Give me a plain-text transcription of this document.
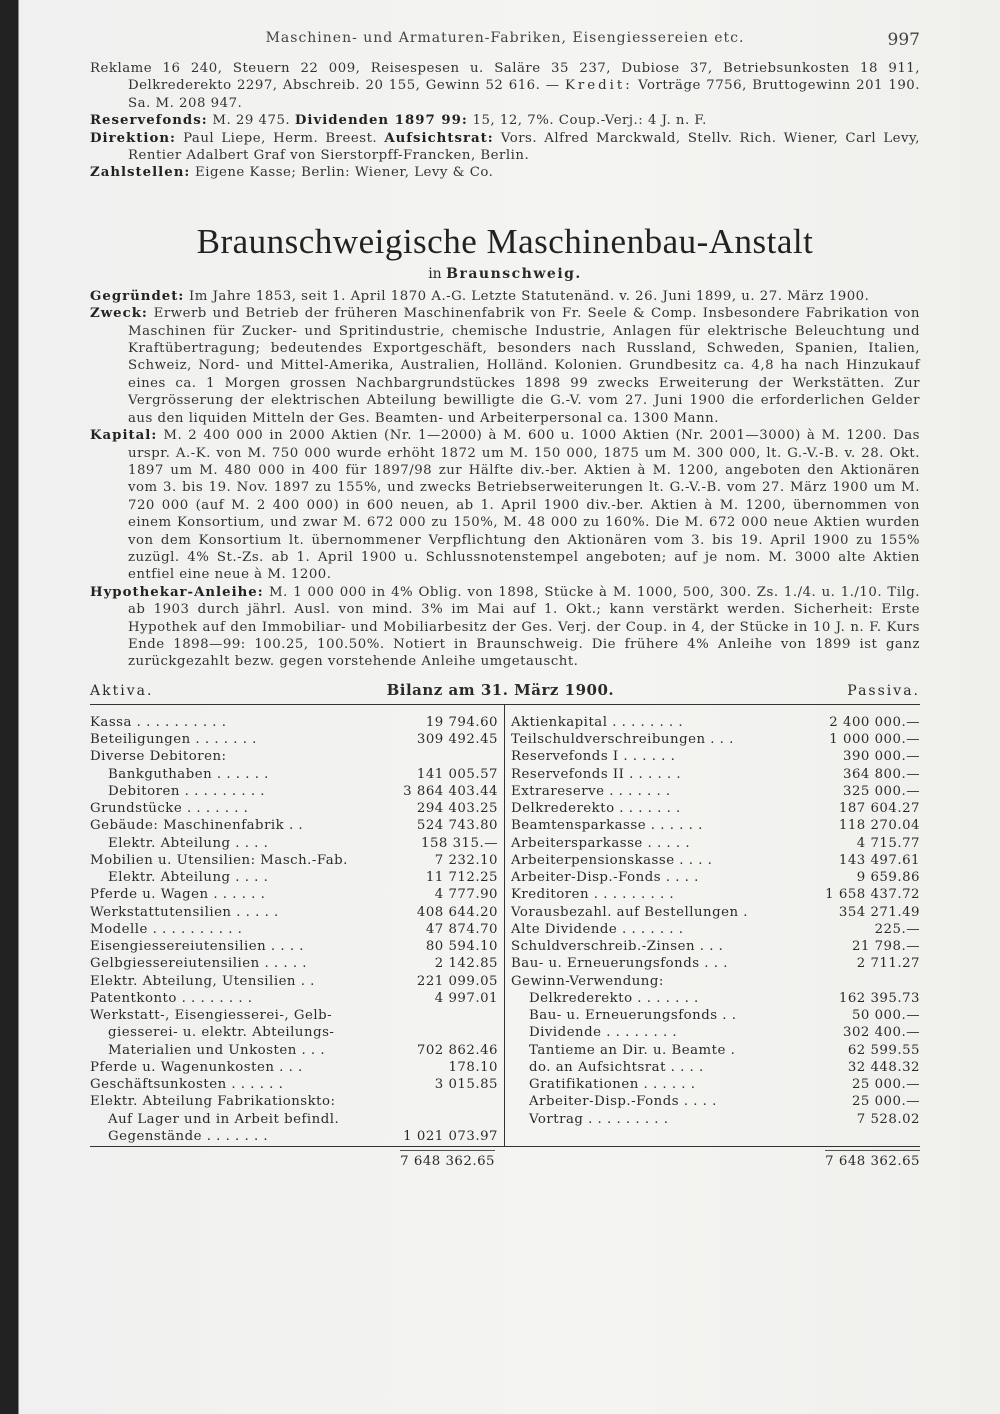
Maschinen- und Armaturen-Fabriken, Eisengiessereien etc.	997

Reklame 16 240, Steuern 22 009, Reisespesen u. Saläre 35 237, Dubiose 37, Betriebsunkosten 18 911, Delkrederekto 2297, Abschreib. 20 155, Gewinn 52 616. — Kredit: Vorträge 7756, Bruttogewinn 201 190. Sa. M. 208 947.

Reservefonds: M. 29 475. Dividenden 1897 99: 15, 12, 7%. Coup.-Verj.: 4 J. n. F.

Direktion: Paul Liepe, Herm. Breest. Aufsichtsrat: Vors. Alfred Marckwald, Stellv. Rich. Wiener, Carl Levy, Rentier Adalbert Graf von Sierstorpff-Francken, Berlin.

Zahlstellen: Eigene Kasse; Berlin: Wiener, Levy & Co.

Braunschweigische Maschinenbau-Anstalt
in Braunschweig.

Gegründet: Im Jahre 1853, seit 1. April 1870 A.-G. Letzte Statutenänd. v. 26. Juni 1899, u. 27. März 1900.

Zweck: Erwerb und Betrieb der früheren Maschinenfabrik von Fr. Seele & Comp. Insbesondere Fabrikation von Maschinen für Zucker- und Spritindustrie, chemische Industrie, Anlagen für elektrische Beleuchtung und Kraftübertragung; bedeutendes Exportgeschäft, besonders nach Russland, Schweden, Spanien, Italien, Schweiz, Nord- und Mittel-Amerika, Australien, Holländ. Kolonien. Grundbesitz ca. 4,8 ha nach Hinzukauf eines ca. 1 Morgen grossen Nachbargrundstückes 1898 99 zwecks Erweiterung der Werkstätten. Zur Vergrösserung der elektrischen Abteilung bewilligte die G.-V. vom 27. Juni 1900 die erforderlichen Gelder aus den liquiden Mitteln der Ges. Beamten- und Arbeiterpersonal ca. 1300 Mann.

Kapital: M. 2 400 000 in 2000 Aktien (Nr. 1—2000) à M. 600 u. 1000 Aktien (Nr. 2001—3000) à M. 1200. Das urspr. A.-K. von M. 750 000 wurde erhöht 1872 um M. 150 000, 1875 um M. 300 000, lt. G.-V.-B. v. 28. Okt. 1897 um M. 480 000 in 400 für 1897/98 zur Hälfte div.-ber. Aktien à M. 1200, angeboten den Aktionären vom 3. bis 19. Nov. 1897 zu 155%, und zwecks Betriebserweiterungen lt. G.-V.-B. vom 27. März 1900 um M. 720 000 (auf M. 2 400 000) in 600 neuen, ab 1. April 1900 div.-ber. Aktien à M. 1200, übernommen von einem Konsortium, und zwar M. 672 000 zu 150%, M. 48 000 zu 160%. Die M. 672 000 neue Aktien wurden von dem Konsortium lt. übernommener Verpflichtung den Aktionären vom 3. bis 19. April 1900 zu 155% zuzügl. 4% St.-Zs. ab 1. April 1900 u. Schlussnotenstempel angeboten; auf je nom. M. 3000 alte Aktien entfiel eine neue à M. 1200.

Hypothekar-Anleihe: M. 1 000 000 in 4% Oblig. von 1898, Stücke à M. 1000, 500, 300. Zs. 1./4. u. 1./10. Tilg. ab 1903 durch jährl. Ausl. von mind. 3% im Mai auf 1. Okt.; kann verstärkt werden. Sicherheit: Erste Hypothek auf den Immobiliar- und Mobiliarbesitz der Ges. Verj. der Coup. in 4, der Stücke in 10 J. n. F. Kurs Ende 1898—99: 100.25, 100.50%. Notiert in Braunschweig. Die frühere 4% Anleihe von 1899 ist ganz zurückgezahlt bezw. gegen vorstehende Anleihe umgetauscht.

Aktiva.	Bilanz am 31. März 1900.	Passiva.
Kassa . . . . . . . . . .	19 794.60
Beteiligungen . . . . . . .	309 492.45
Diverse Debitoren:
Bankguthaben . . . . . .	141 005.57
Debitoren . . . . . . . . .	3 864 403.44
Grundstücke . . . . . . .	294 403.25
Gebäude: Maschinenfabrik . .	524 743.80
Elektr. Abteilung . . . .	158 315.—
Mobilien u. Utensilien: Masch.-Fab.	7 232.10
Elektr. Abteilung . . . .	11 712.25
Pferde u. Wagen . . . . . .	4 777.90
Werkstattutensilien . . . . .	408 644.20
Modelle . . . . . . . . . .	47 874.70
Eisengiessereiutensilien . . . .	80 594.10
Gelbgiessereiutensilien . . . . .	2 142.85
Elektr. Abteilung, Utensilien . .	221 099.05
Patentkonto . . . . . . . .	4 997.01
Werkstatt-, Eisengiesserei-, Gelb-
giesserei- u. elektr. Abteilungs-
Materialien und Unkosten . . .	702 862.46
Pferde u. Wagenunkosten . . .	178.10
Geschäftsunkosten . . . . . .	3 015.85
Elektr. Abteilung Fabrikationskto:
Auf Lager und in Arbeit befindl.
Gegenstände . . . . . . .	1 021 073.97
Aktienkapital . . . . . . . .	2 400 000.—
Teilschuldverschreibungen . . .	1 000 000.—
Reservefonds I . . . . . .	390 000.—
Reservefonds II . . . . . .	364 800.—
Extrareserve . . . . . . .	325 000.—
Delkrederekto . . . . . . .	187 604.27
Beamtensparkasse . . . . . .	118 270.04
Arbeitersparkasse . . . . .	4 715.77
Arbeiterpensionskasse . . . .	143 497.61
Arbeiter-Disp.-Fonds . . . .	9 659.86
Kreditoren . . . . . . . . .	1 658 437.72
Vorausbezahl. auf Bestellungen .	354 271.49
Alte Dividende . . . . . . .	225.—
Schuldverschreib.-Zinsen . . .	21 798.—
Bau- u. Erneuerungsfonds . . .	2 711.27
Gewinn-Verwendung:
Delkrederekto . . . . . . .	162 395.73
Bau- u. Erneuerungsfonds . .	50 000.—
Dividende . . . . . . . .	302 400.—
Tantieme an Dir. u. Beamte .	62 599.55
do. an Aufsichtsrat . . . .	32 448.32
Gratifikationen . . . . . .	25 000.—
Arbeiter-Disp.-Fonds . . . .	25 000.—
Vortrag . . . . . . . . .	7 528.02
7 648 362.65	7 648 362.65
